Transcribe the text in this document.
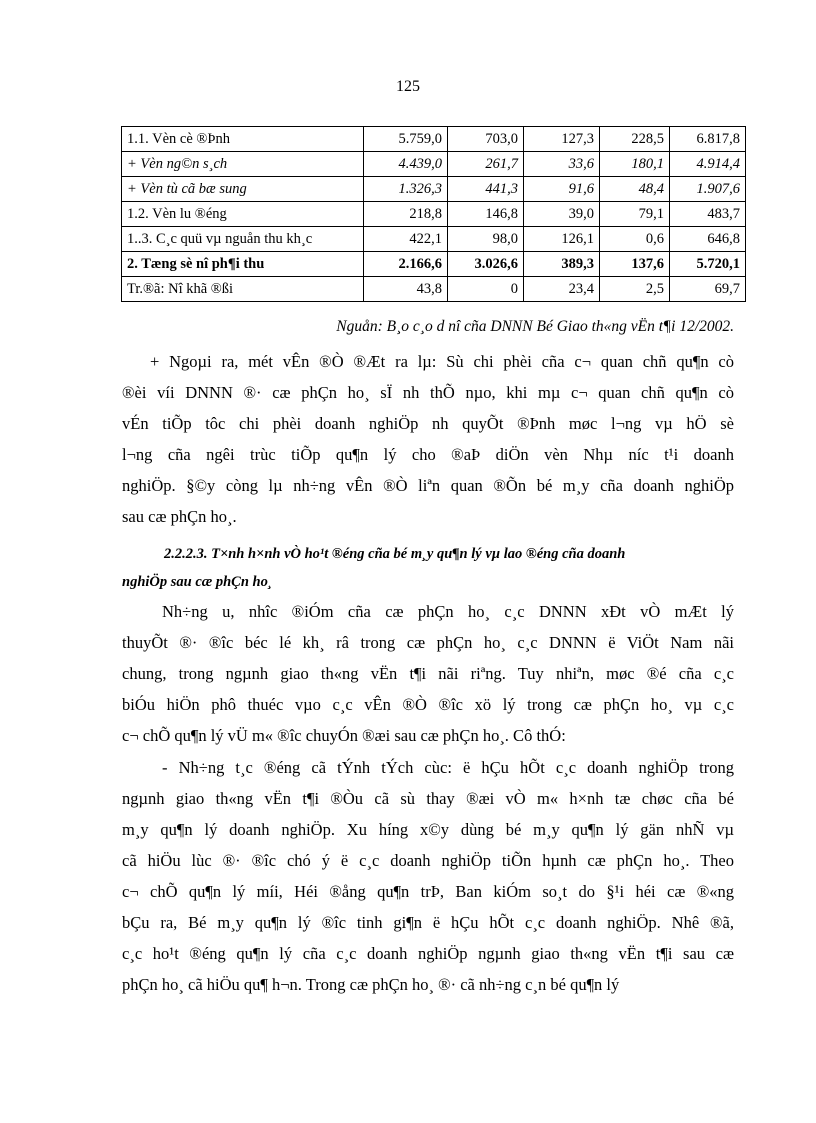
125
1.1. Vèn cè ®Þnh	5.759,0	703,0	127,3	228,5	6.817,8
+ Vèn ng©n s¸ch	4.439,0	261,7	33,6	180,1	4.914,4
+ Vèn tù cã bæ sung	1.326,3	441,3	91,6	48,4	1.907,6
1.2. Vèn lu ®éng	218,8	146,8	39,0	79,1	483,7
1..3. C¸c quü vµ nguån thu kh¸c	422,1	98,0	126,1	0,6	646,8
2. Tæng sè nî ph¶i thu	2.166,6	3.026,6	389,3	137,6	5.720,1
Tr.®ã: Nî khã ®ßi	43,8	0	23,4	2,5	69,7
Nguån: B¸o c¸o d nî cña DNNN Bé Giao th«ng vËn t¶i 12/2002.

+ Ngoµi ra, mét vÊn ®Ò ®Æt ra lµ: Sù chi phèi cña c¬ quan chñ qu¶n cò
®èi víi DNNN ®· cæ phÇn ho¸ sÏ nh thÕ nµo, khi mµ c¬ quan chñ qu¶n cò
vÉn tiÕp tôc chi phèi doanh nghiÖp nh quyÕt ®Þnh møc l¬ng vµ hÖ sè
l¬ng cña ngêi trùc tiÕp qu¶n lý cho ®aÞ diÖn vèn Nhµ níc t¹i doanh
nghiÖp. §©y còng lµ nh÷ng vÊn ®Ò liªn quan ®Õn bé m¸y cña doanh nghiÖp
sau cæ phÇn ho¸.

2.2.2.3. T×nh h×nh vÒ ho¹t ®éng cña bé m¸y qu¶n lý vµ lao ®éng cña doanh
nghiÖp sau cæ phÇn ho¸

Nh÷ng u, nhîc ®iÓm cña cæ phÇn ho¸ c¸c DNNN xÐt vÒ mÆt lý
thuyÕt ®· ®îc béc lé kh¸ râ trong cæ phÇn ho¸ c¸c DNNN ë ViÖt Nam nãi
chung, trong ngµnh giao th«ng vËn t¶i nãi riªng. Tuy nhiªn, møc ®é cña c¸c
biÓu hiÖn phô thuéc vµo c¸c vÊn ®Ò ®îc xö lý trong cæ phÇn ho¸ vµ c¸c
c¬ chÕ qu¶n lý vÜ m« ®îc chuyÓn ®æi sau cæ phÇn ho¸. Cô thÓ:

- Nh÷ng t¸c ®éng cã tÝnh tÝch cùc: ë hÇu hÕt c¸c doanh nghiÖp trong
ngµnh giao th«ng vËn t¶i ®Òu cã sù thay ®æi vÒ m« h×nh tæ chøc cña bé
m¸y qu¶n lý doanh nghiÖp. Xu híng x©y dùng bé m¸y qu¶n lý gän nhÑ vµ
cã hiÖu lùc ®· ®îc chó ý ë c¸c doanh nghiÖp tiÕn hµnh cæ phÇn ho¸. Theo
c¬ chÕ qu¶n lý míi, Héi ®ång qu¶n trÞ, Ban kiÓm so¸t do §¹i héi cæ ®«ng
bÇu ra, Bé m¸y qu¶n lý ®îc tinh gi¶n ë hÇu hÕt c¸c doanh nghiÖp. Nhê ®ã,
c¸c ho¹t ®éng qu¶n lý cña c¸c doanh nghiÖp ngµnh giao th«ng vËn t¶i sau cæ
phÇn ho¸ cã hiÖu qu¶ h¬n. Trong cæ phÇn ho¸ ®· cã nh÷ng c¸n bé qu¶n lý
